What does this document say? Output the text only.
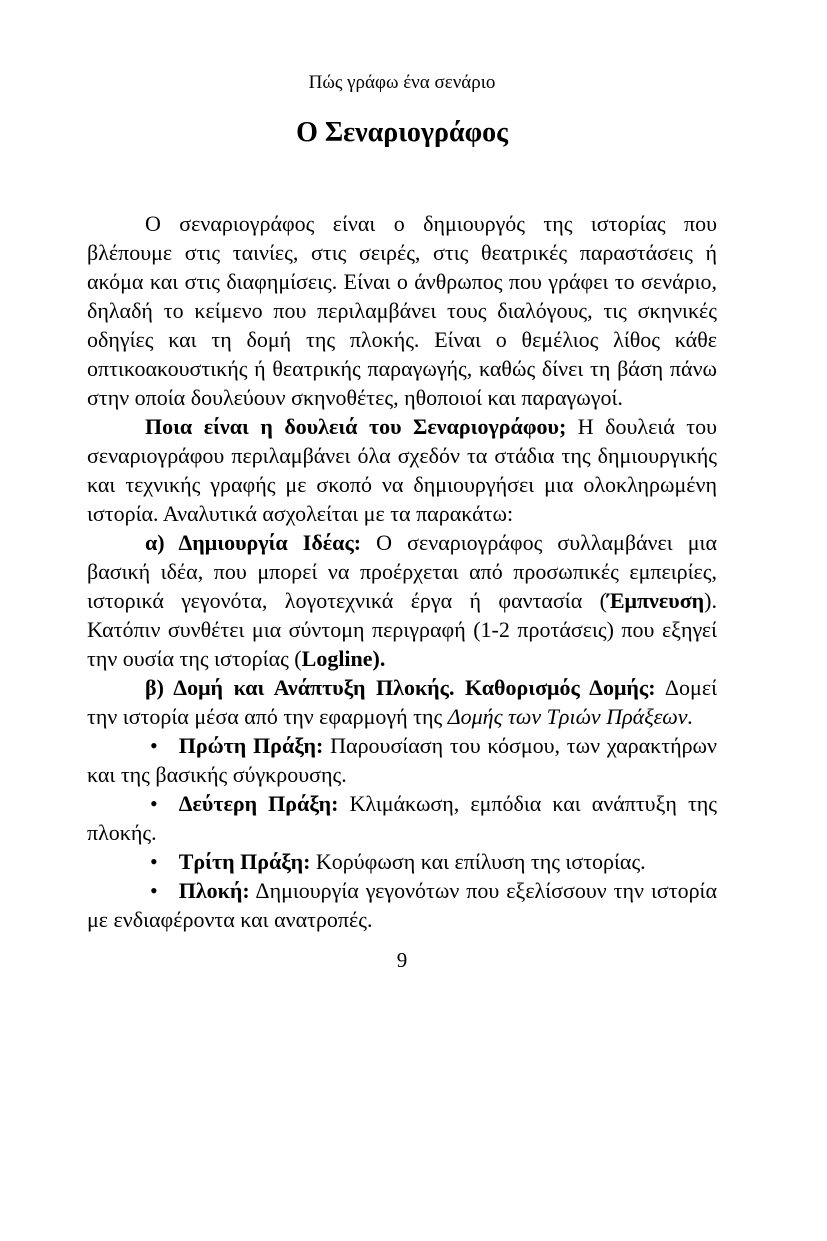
Πώς γράφω ένα σενάριο
Ο Σεναριογράφος

Ο σεναριογράφος είναι ο δημιουργός της ιστορίας που βλέπουμε στις ταινίες, στις σειρές, στις θεατρικές παραστάσεις ή ακόμα και στις διαφημίσεις. Είναι ο άνθρωπος που γράφει το σενάριο, δηλαδή το κείμενο που περιλαμβάνει τους διαλόγους, τις σκηνικές οδηγίες και τη δομή της πλοκής. Είναι ο θεμέλιος λίθος κάθε οπτικοακουστικής ή θεατρικής παραγωγής, καθώς δίνει τη βάση πάνω στην οποία δουλεύουν σκηνοθέτες, ηθοποιοί και παραγωγοί.

Ποια είναι η δουλειά του Σεναριογράφου; Η δουλειά του σεναριογράφου περιλαμβάνει όλα σχεδόν τα στάδια της δημιουργικής και τεχνικής γραφής με σκοπό να δημιουργήσει μια ολοκληρωμένη ιστορία. Αναλυτικά ασχολείται με τα παρακάτω:

α) Δημιουργία Ιδέας: Ο σεναριογράφος συλλαμβάνει μια βασική ιδέα, που μπορεί να προέρχεται από προσωπικές εμπειρίες, ιστορικά γεγονότα, λογοτεχνικά έργα ή φαντασία (Έμπνευση). Κατόπιν συνθέτει μια σύντομη περιγραφή (1-2 προτάσεις) που εξηγεί την ουσία της ιστορίας (Logline).

β) Δομή και Ανάπτυξη Πλοκής. Καθορισμός Δομής: Δομεί την ιστορία μέσα από την εφαρμογή της Δομής των Τριών Πράξεων.

• Πρώτη Πράξη: Παρουσίαση του κόσμου, των χαρακτήρων και της βασικής σύγκρουσης.

• Δεύτερη Πράξη: Κλιμάκωση, εμπόδια και ανάπτυξη της πλοκής.

• Τρίτη Πράξη: Κορύφωση και επίλυση της ιστορίας.

• Πλοκή: Δημιουργία γεγονότων που εξελίσσουν την ιστορία με ενδιαφέροντα και ανατροπές.

9
